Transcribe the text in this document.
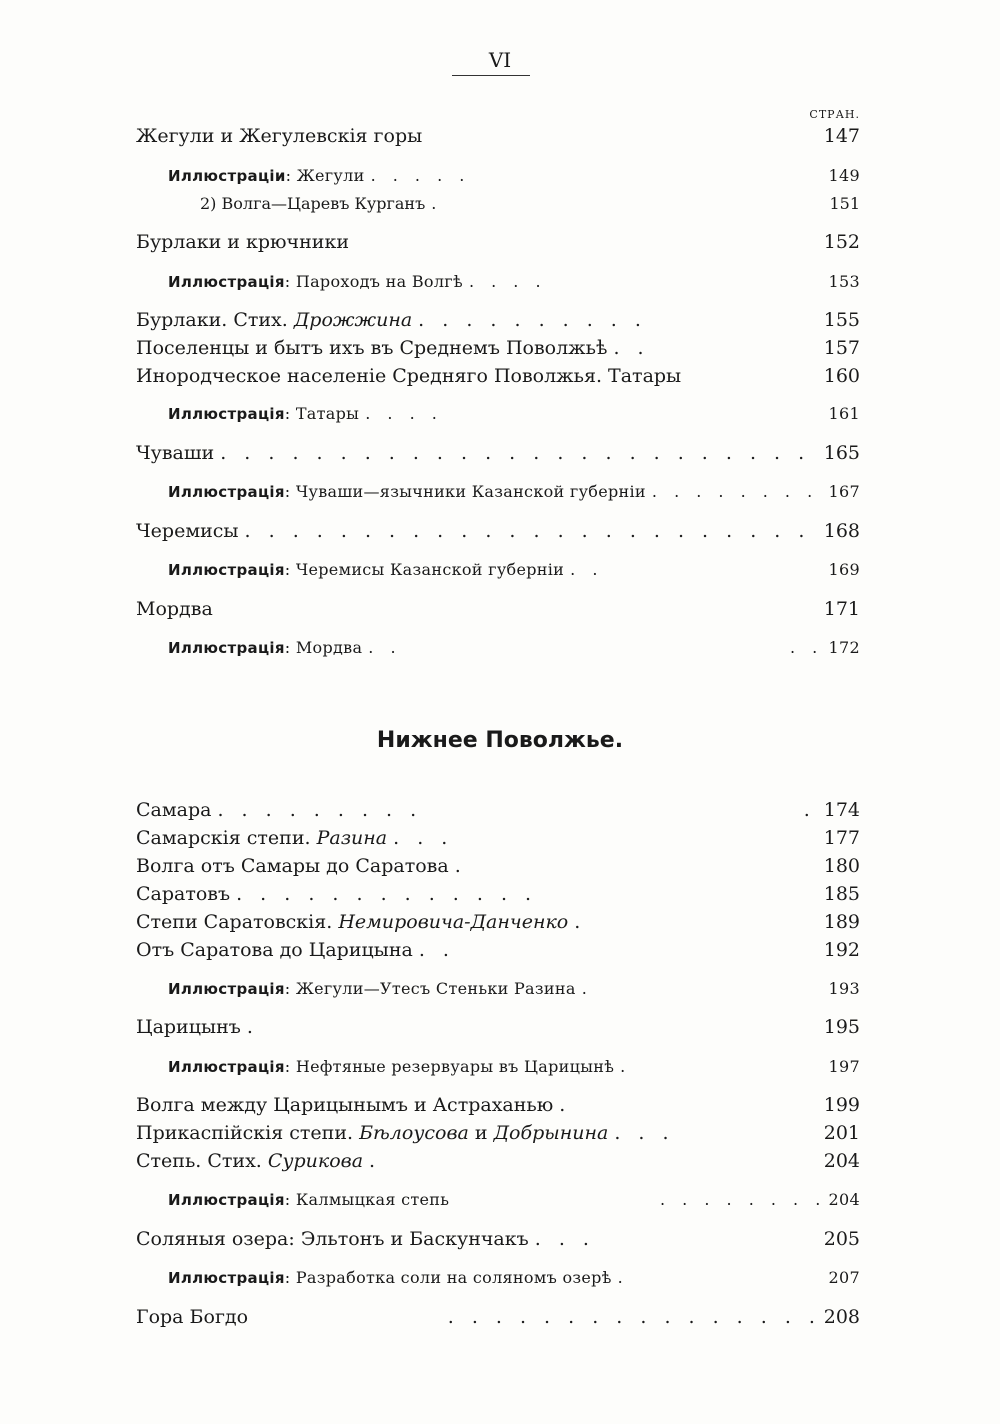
VI
СТРАН.
Жегули и Жегулевскія горы	147
Иллюстраціи: Жегули . . .	149
2) Волга—Царевъ Курганъ . . .	151
Бурлаки и крючники	152
Иллюстрація: Пароходъ на Волгѣ . . .	153
Бурлаки. Стих. Дрожжина . . .	155
Поселенцы и бытъ ихъ въ Среднемъ Поволжьѣ . . .	157
Инородческое населеніе Средняго Поволжья. Татары	160
Иллюстрація: Татары . . .	161
Чуваши . . .	165
Иллюстрація: Чуваши—язычники Казанской губерніи . . .	167
Черемисы . . .	168
Иллюстрація: Черемисы Казанской губерніи . . .	169
Мордва	171
Иллюстрація: Мордва . . . . . .	172
Нижнее Поволжье.
Самара . . . . . .	174
Самарскія степи. Разина . . .	177
Волга отъ Самары до Саратова . . .	180
Саратовъ . . .	185
Степи Саратовскія. Немировича-Данченко . . .	189
Отъ Саратова до Царицына . . .	192
Иллюстрація: Жегули—Утесъ Стеньки Разина . . .	193
Царицынъ . . .	195
Иллюстрація: Нефтяные резервуары въ Царицынѣ . . .	197
Волга между Царицынымъ и Астраханью . . .	199
Прикаспійскія степи. Бѣлоусова и Добрынина . . .	201
Степь. Стих. Сурикова . . .	204
Иллюстрація: Калмыцкая степь . . .	204
Соляныя озера: Эльтонъ и Баскунчакъ . . .	205
Иллюстрація: Разработка соли на соляномъ озерѣ . . .	207
Гора Богдо . . .	208
